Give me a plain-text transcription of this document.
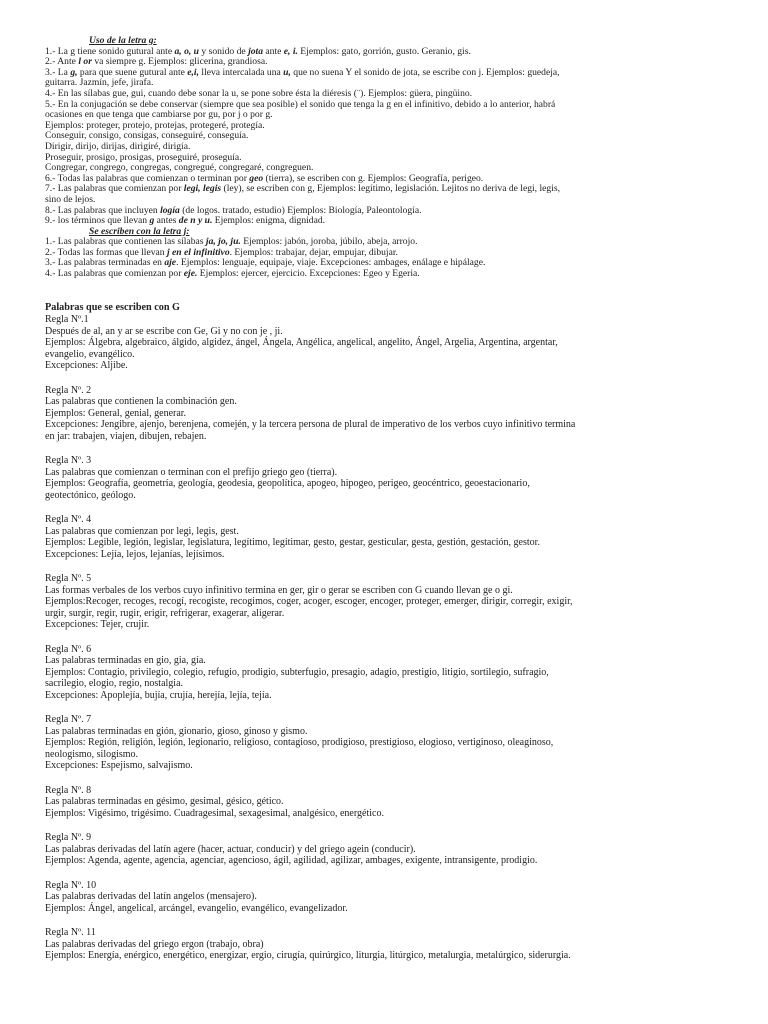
Uso de la letra g:
1.- La g tiene sonido gutural ante a, o, u y sonido de jota ante e, i. Ejemplos: gato, gorrión, gusto. Geranio, gis.
2.- Ante l or va siempre g. Ejemplos: glicerina, grandiosa.
3.- La g, para que suene gutural ante e,i, lleva intercalada una u, que no suena Y el sonido de jota, se escribe con j. Ejemplos: guedeja,
guitarra. Jazmín, jefe, jirafa.
4.- En las sílabas gue, gui, cuando debe sonar la u, se pone sobre ésta la diéresis (¨). Ejemplos: güera, pingüino.
5.- En la conjugación se debe conservar (siempre que sea posible) el sonido que tenga la g en el infinitivo, debido a lo anterior, habrá
ocasiones en que tenga que cambiarse por gu, por j o por g.
Ejemplos: proteger, protejo, protejas, protegeré, protegía.
Conseguir, consigo, consigas, conseguiré, conseguía.
Dirigir, dirijo, dirijas, dirigiré, dirigía.
Proseguir, prosigo, prosigas, proseguiré, proseguía.
Congregar, congrego, congregas, congregué, congregaré, congreguen.
6.- Todas las palabras que comienzan o terminan por geo (tierra), se escriben con g. Ejemplos: Geografía, perigeo.
7.- Las palabras que comienzan por legi, legis (ley), se escriben con g, Ejemplos: legítimo, legislación. Lejitos no deriva de legi, legis,
sino de lejos.
8.- Las palabras que incluyen logía (de logos. tratado, estudio) Ejemplos: Biología, Paleontología.
9.- los términos que llevan g antes de n y u. Ejemplos: enigma, dignidad.
Se escriben con la letra j:
1.- Las palabras que contienen las sílabas ja, jo, ju. Ejemplos: jabón, joroba, júbilo, abeja, arrojo.
2.- Todas las formas que llevan j en el infinitivo. Ejemplos: trabajar, dejar, empujar, dibujar.
3.- Las palabras terminadas en aje. Ejemplos: lenguaje, equipaje, viaje. Excepciones: ambages, enálage e hipálage.
4.- Las palabras que comienzan por eje. Ejemplos: ejercer, ejercicio. Excepciones: Egeo y Egeria.
Palabras que se escriben con G
Regla Nº.1
Después de al, an y ar se escribe con Ge, Gi y no con je , ji.
Ejemplos: Álgebra, algebraico, álgido, algidez, ángel, Ángela, Angélica, angelical, angelito, Ángel, Argelia, Argentina, argentar,
evangelio, evangélico.
Excepciones: Aljibe.
Regla Nº. 2
Las palabras que contienen la combinación gen.
Ejemplos: General, genial, generar.
Excepciones: Jengibre, ajenjo, berenjena, comején, y la tercera persona de plural de imperativo de los verbos cuyo infinitivo termina
en jar: trabajen, viajen, dibujen, rebajen.
Regla Nº. 3
Las palabras que comienzan o terminan con el prefijo griego geo (tierra).
Ejemplos: Geografía, geometría, geología, geodesia, geopolítica, apogeo, hipogeo, perigeo, geocéntrico, geoestacionario,
geotectónico, geólogo.
Regla Nº. 4
Las palabras que comienzan por legi, legis, gest.
Ejemplos: Legible, legión, legislar, legislatura, legítimo, legitimar, gesto, gestar, gesticular, gesta, gestión, gestación, gestor.
Excepciones: Lejía, lejos, lejanías, lejísimos.
Regla Nº. 5
Las formas verbales de los verbos cuyo infinitivo termina en ger, gir o gerar se escriben con G cuando llevan ge o gi.
Ejemplos:Recoger, recoges, recogí, recogiste, recogimos, coger, acoger, escoger, encoger, proteger, emerger, dirigir, corregir, exigir,
urgir, surgir, regir, rugir, erigir, refrigerar, exagerar, aligerar.
Excepciones: Tejer, crujir.
Regla Nº. 6
Las palabras terminadas en gio, gia, gía.
Ejemplos: Contagio, privilegio, colegio, refugio, prodigio, subterfugio, presagio, adagio, prestigio, litigio, sortilegio, sufragio,
sacrilegio, elogio, regio, nostalgia.
Excepciones: Apoplejía, bujía, crujía, herejía, lejía, tejía.
Regla Nº. 7
Las palabras terminadas en gión, gionario, gioso, ginoso y gismo.
Ejemplos: Región, religión, legión, legionario, religioso, contagioso, prodigioso, prestigioso, elogioso, vertiginoso, oleaginoso,
neologismo, silogismo.
Excepciones: Espejismo, salvajismo.
Regla Nº. 8
Las palabras terminadas en gésimo, gesimal, gésico, gético.
Ejemplos: Vigésimo, trigésimo. Cuadragesimal, sexagesimal, analgésico, energético.
Regla Nº. 9
Las palabras derivadas del latín agere (hacer, actuar, conducir) y del griego agein (conducir).
Ejemplos: Agenda, agente, agencia, agenciar, agencioso, ágil, agilidad, agilizar, ambages, exigente, intransigente, prodigio.
Regla Nº. 10
Las palabras derivadas del latín angelos (mensajero).
Ejemplos: Ángel, angelical, arcángel, evangelio, evangélico, evangelizador.
Regla Nº. 11
Las palabras derivadas del griego ergon (trabajo, obra)
Ejemplos: Energía, enérgico, energético, energizar, ergio, cirugía, quirúrgico, liturgia, litúrgico, metalurgia, metalúrgico, siderurgia.
